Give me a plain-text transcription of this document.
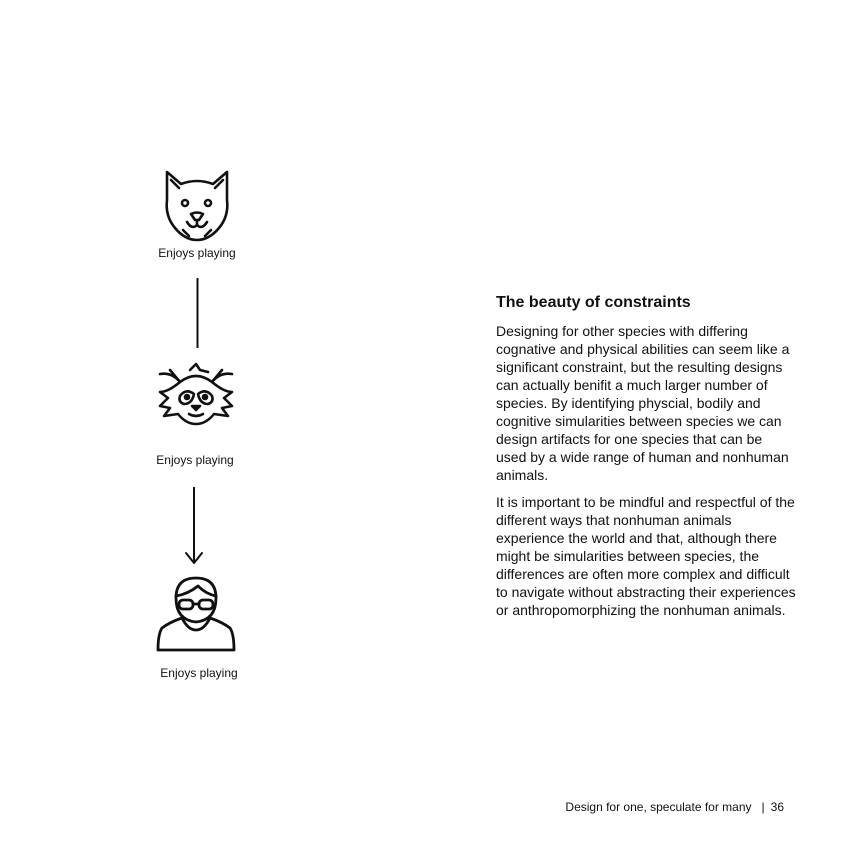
Enjoys playing
Enjoys playing
Enjoys playing
The beauty of constraints

Designing for other species with differing cognative and physical abilities can seem like a significant constraint, but the resulting designs can actually benifit a much larger number of species. By identifying physcial, bodily and cognitive simularities between species we can design artifacts for one species that can be used by a wide range of human and nonhuman animals.

It is important to be mindful and respectful of the different ways that nonhuman animals experience the world and that, although there might be simularities between species, the differences are often more complex and difficult to navigate without abstracting their experiences or anthropomorphizing the nonhuman animals.

Design for one, speculate for many | 36
